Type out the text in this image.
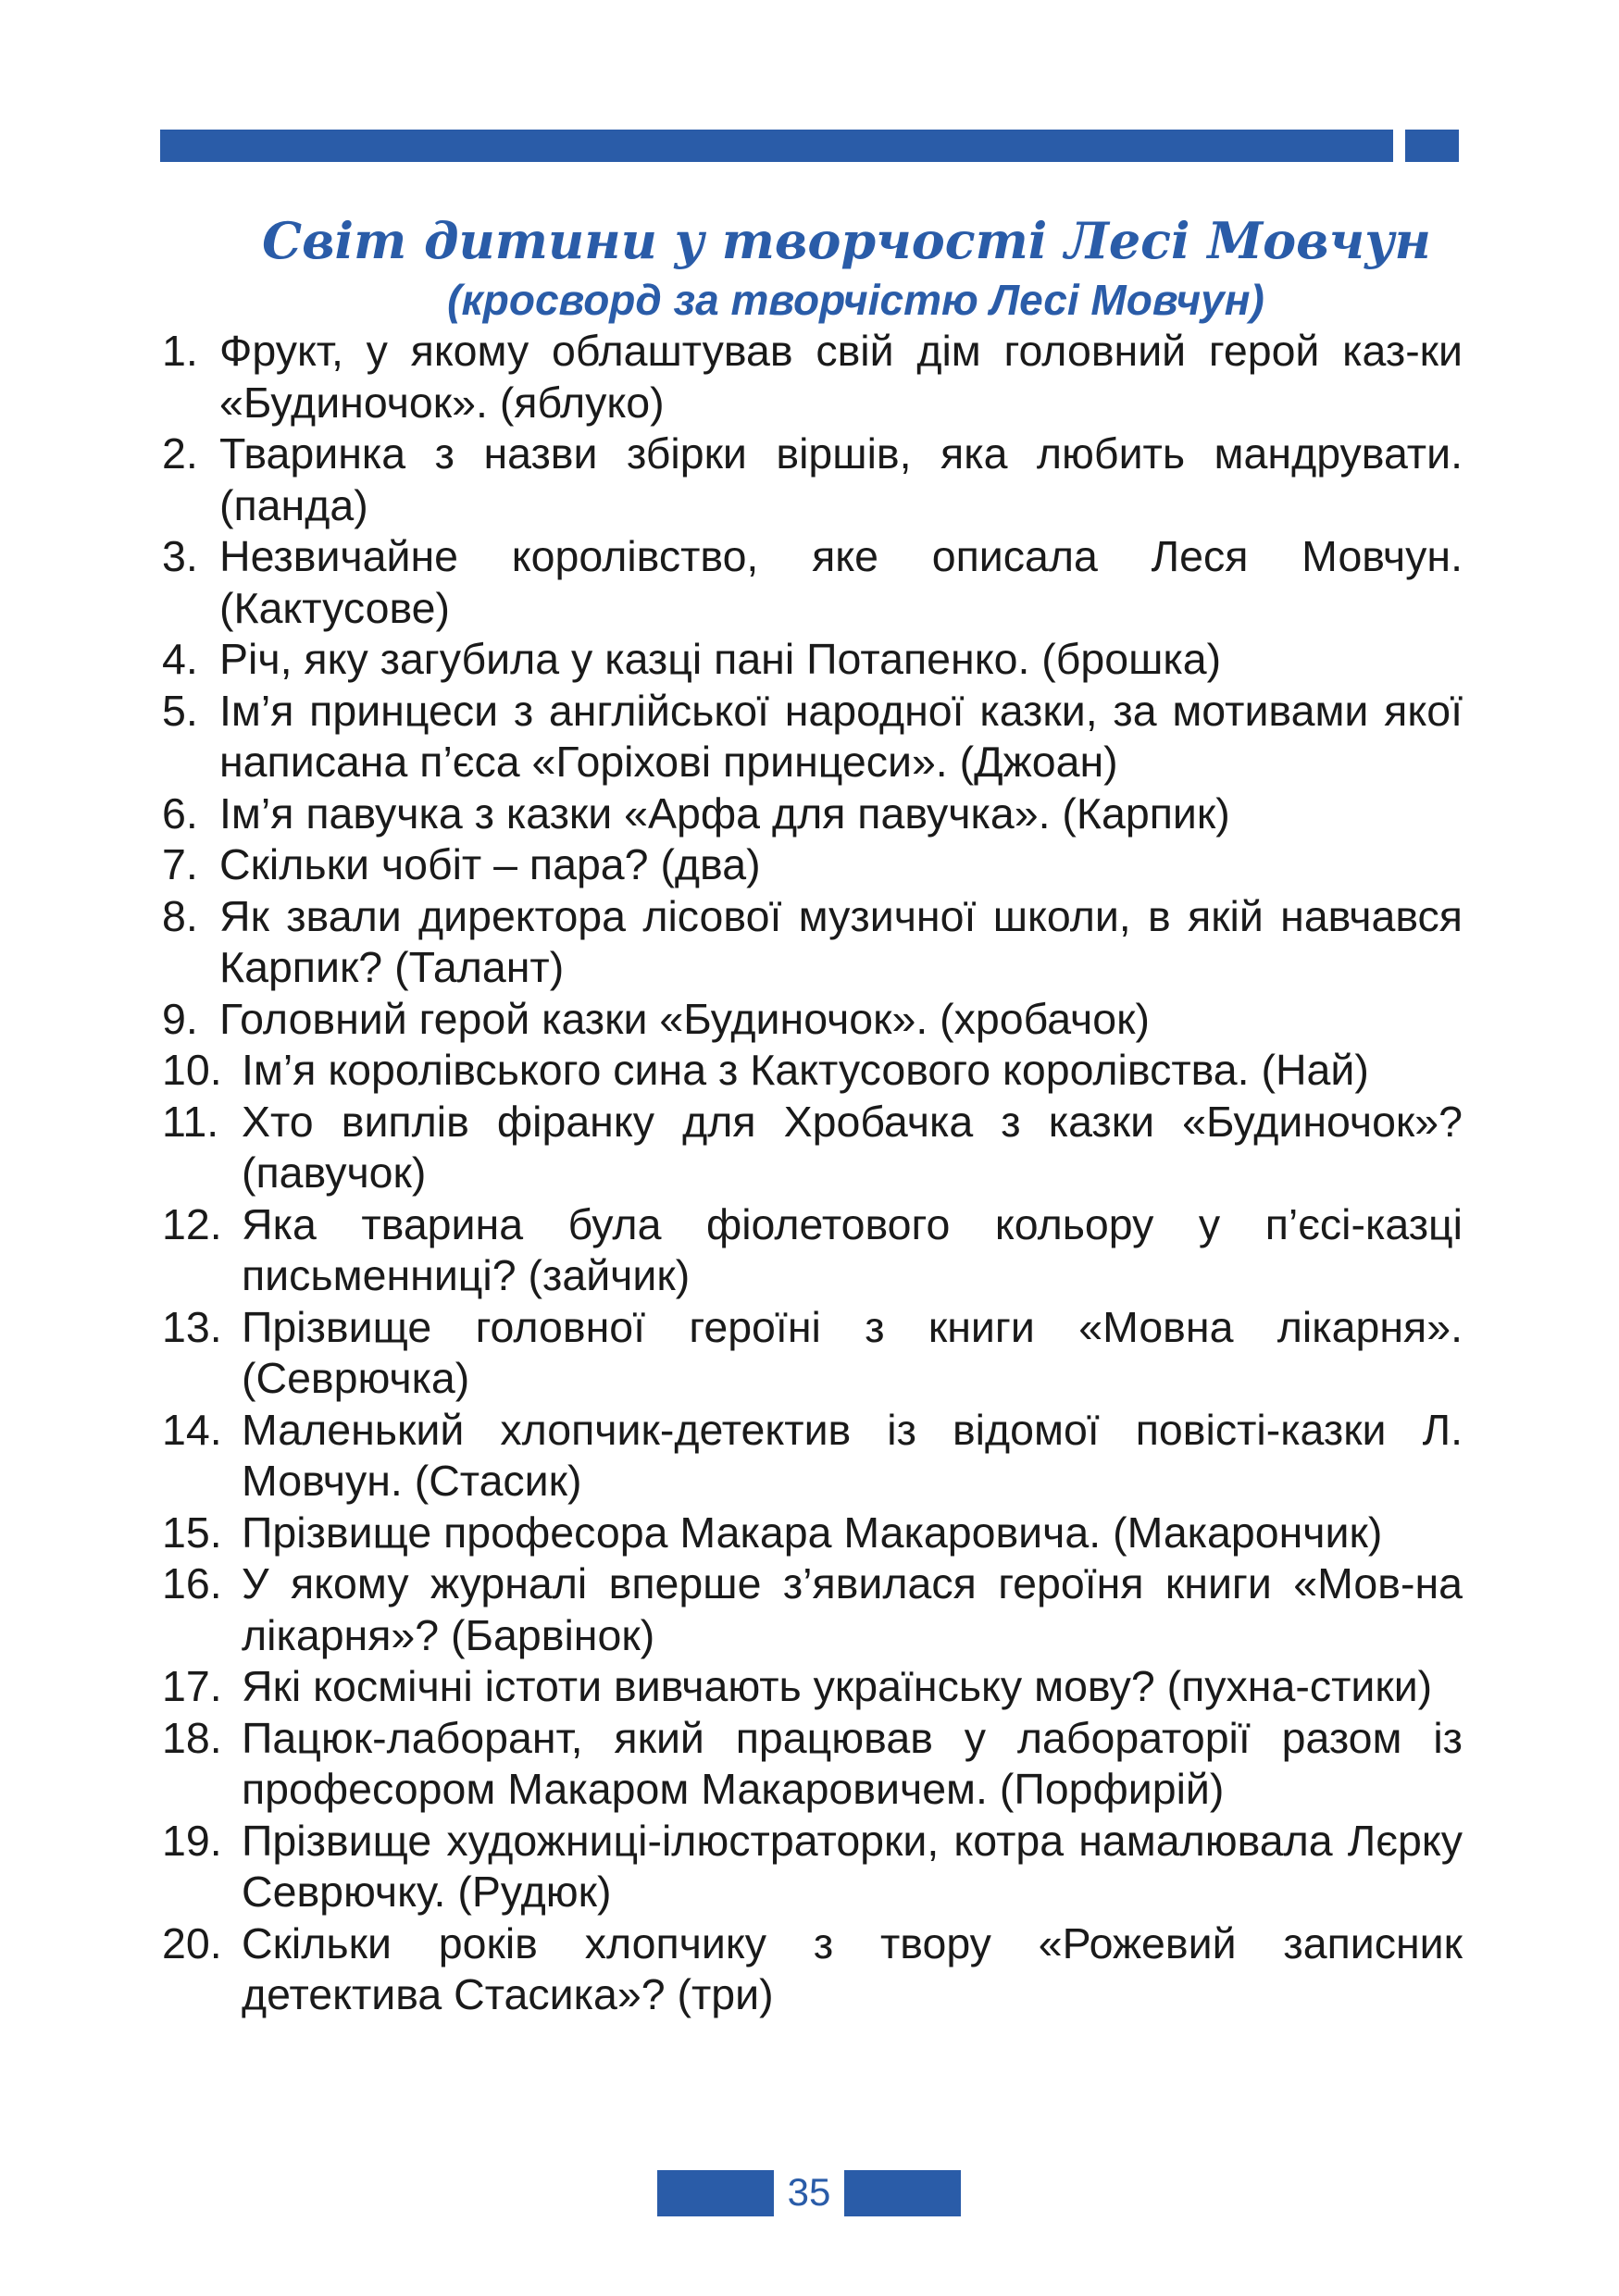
Світ дитини у творчості Лесі Мовчун
(кросворд за творчістю Лесі Мовчун)
1. Фрукт, у якому облаштував свій дім головний герой каз-ки «Будиночок». (яблуко)
2. Тваринка з назви збірки віршів, яка любить мандрувати. (панда)
3. Незвичайне королівство, яке описала Леся Мовчун. (Кактусове)
4. Річ, яку загубила у казці пані Потапенко. (брошка)
5. Ім’я принцеси з англійської народної казки, за мотивами якої написана п’єса «Горіхові принцеси». (Джоан)
6. Ім’я павучка з казки «Арфа для павучка». (Карпик)
7. Скільки чобіт – пара? (два)
8. Як звали директора лісової музичної школи, в якій навчався Карпик? (Талант)
9. Головний герой казки «Будиночок». (хробачок)
10. Ім’я королівського сина з Кактусового королівства. (Най)
11. Хто виплів фіранку для Хробачка з казки «Будиночок»? (павучок)
12. Яка тварина була фіолетового кольору у п’єсі-казці письменниці? (зайчик)
13. Прізвище головної героїні з книги «Мовна лікарня». (Севрючка)
14. Маленький хлопчик-детектив із відомої повісті-казки Л. Мовчун. (Стасик)
15. Прізвище професора Макара Макаровича. (Макарончик)
16. У якому журналі вперше з’явилася героїня книги «Мов-на лікарня»? (Барвінок)
17. Які космічні істоти вивчають українську мову? (пухна-стики)
18. Пацюк-лаборант, який працював у лабораторії разом із професором Макаром Макаровичем. (Порфирій)
19. Прізвище художниці-ілюстраторки, котра намалювала Лєрку Севрючку. (Рудюк)
20. Скільки років хлопчику з твору «Рожевий записник детектива Стасика»? (три)
35
